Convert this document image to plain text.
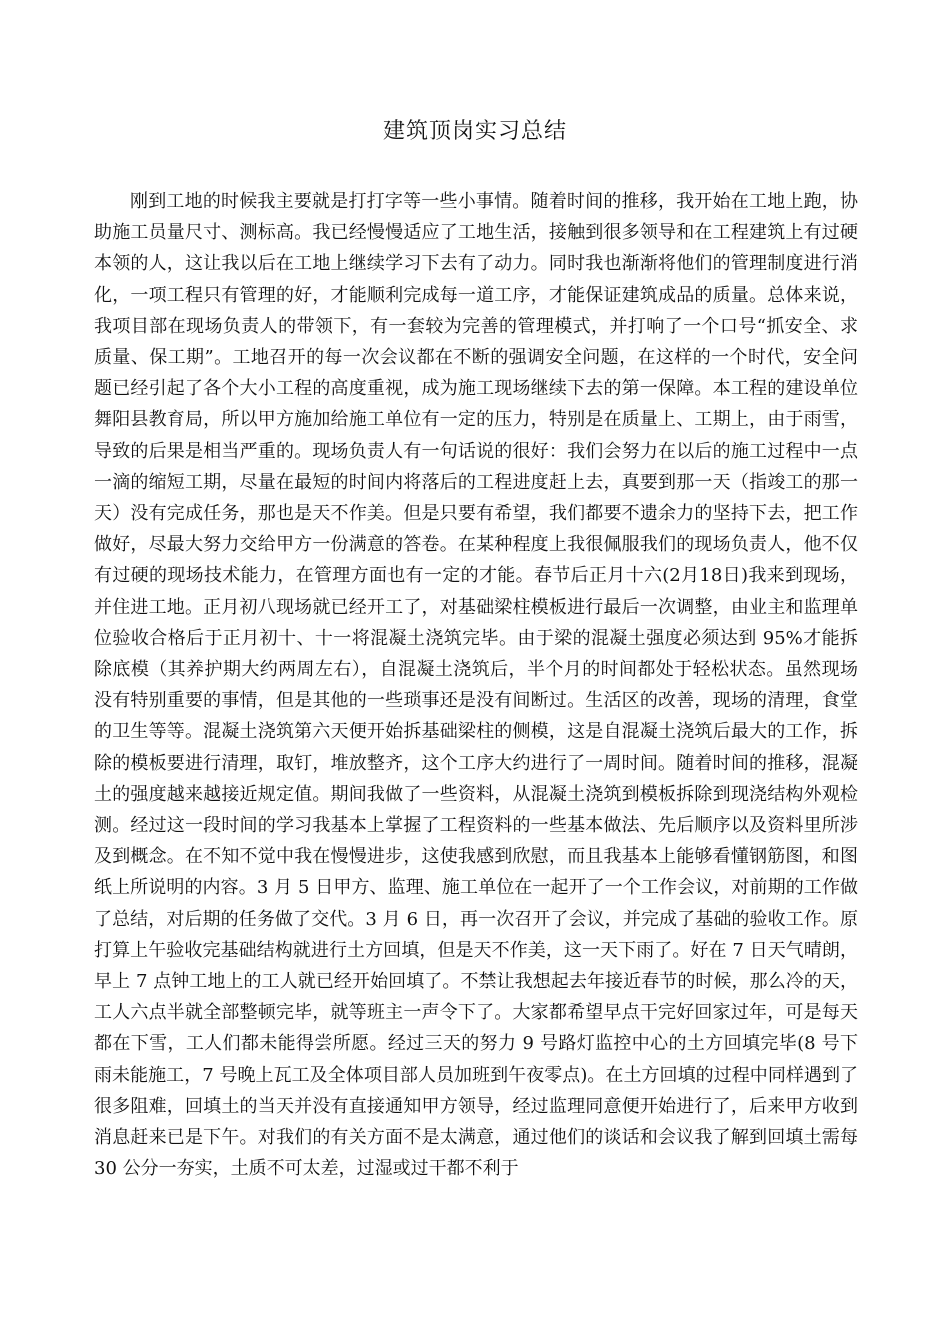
建筑顶岗实习总结

刚到工地的时候我主要就是打打字等一些小事情。随着时间的推移，我开始在工地上跑，协助施工员量尺寸、测标高。我已经慢慢适应了工地生活，接触到很多领导和在工程建筑上有过硬本领的人，这让我以后在工地上继续学习下去有了动力。同时我也渐渐将他们的管理制度进行消化，一项工程只有管理的好，才能顺利完成每一道工序，才能保证建筑成品的质量。总体来说，我项目部在现场负责人的带领下，有一套较为完善的管理模式，并打响了一个口号“抓安全、求质量、保工期”。工地召开的每一次会议都在不断的强调安全问题，在这样的一个时代，安全问题已经引起了各个大小工程的高度重视，成为施工现场继续下去的第一保障。本工程的建设单位舞阳县教育局，所以甲方施加给施工单位有一定的压力，特别是在质量上、工期上，由于雨雪，导致的后果是相当严重的。现场负责人有一句话说的很好：我们会努力在以后的施工过程中一点一滴的缩短工期，尽量在最短的时间内将落后的工程进度赶上去，真要到那一天（指竣工的那一天）没有完成任务，那也是天不作美。但是只要有希望，我们都要不遗余力的坚持下去，把工作做好，尽最大努力交给甲方一份满意的答卷。在某种程度上我很佩服我们的现场负责人，他不仅有过硬的现场技术能力，在管理方面也有一定的才能。春节后正月十六(2月18日)我来到现场，并住进工地。正月初八现场就已经开工了，对基础梁柱模板进行最后一次调整，由业主和监理单位验收合格后于正月初十、十一将混凝土浇筑完毕。由于梁的混凝土强度必须达到 95%才能拆除底模（其养护期大约两周左右），自混凝土浇筑后，半个月的时间都处于轻松状态。虽然现场没有特别重要的事情，但是其他的一些琐事还是没有间断过。生活区的改善，现场的清理，食堂的卫生等等。混凝土浇筑第六天便开始拆基础梁柱的侧模，这是自混凝土浇筑后最大的工作，拆除的模板要进行清理，取钉，堆放整齐，这个工序大约进行了一周时间。随着时间的推移，混凝土的强度越来越接近规定值。期间我做了一些资料，从混凝土浇筑到模板拆除到现浇结构外观检测。经过这一段时间的学习我基本上掌握了工程资料的一些基本做法、先后顺序以及资料里所涉及到概念。在不知不觉中我在慢慢进步，这使我感到欣慰，而且我基本上能够看懂钢筋图，和图纸上所说明的内容。3 月 5 日甲方、监理、施工单位在一起开了一个工作会议，对前期的工作做了总结，对后期的任务做了交代。3 月 6 日，再一次召开了会议，并完成了基础的验收工作。原打算上午验收完基础结构就进行土方回填，但是天不作美，这一天下雨了。好在 7 日天气晴朗，早上 7 点钟工地上的工人就已经开始回填了。不禁让我想起去年接近春节的时候，那么冷的天，工人六点半就全部整顿完毕，就等班主一声令下了。大家都希望早点干完好回家过年，可是每天都在下雪，工人们都未能得尝所愿。经过三天的努力 9 号路灯监控中心的土方回填完毕(8 号下雨未能施工，7 号晚上瓦工及全体项目部人员加班到午夜零点)。在土方回填的过程中同样遇到了很多阻难，回填土的当天并没有直接通知甲方领导，经过监理同意便开始进行了，后来甲方收到消息赶来已是下午。对我们的有关方面不是太满意，通过他们的谈话和会议我了解到回填土需每 30 公分一夯实，土质不可太差，过湿或过干都不利于
